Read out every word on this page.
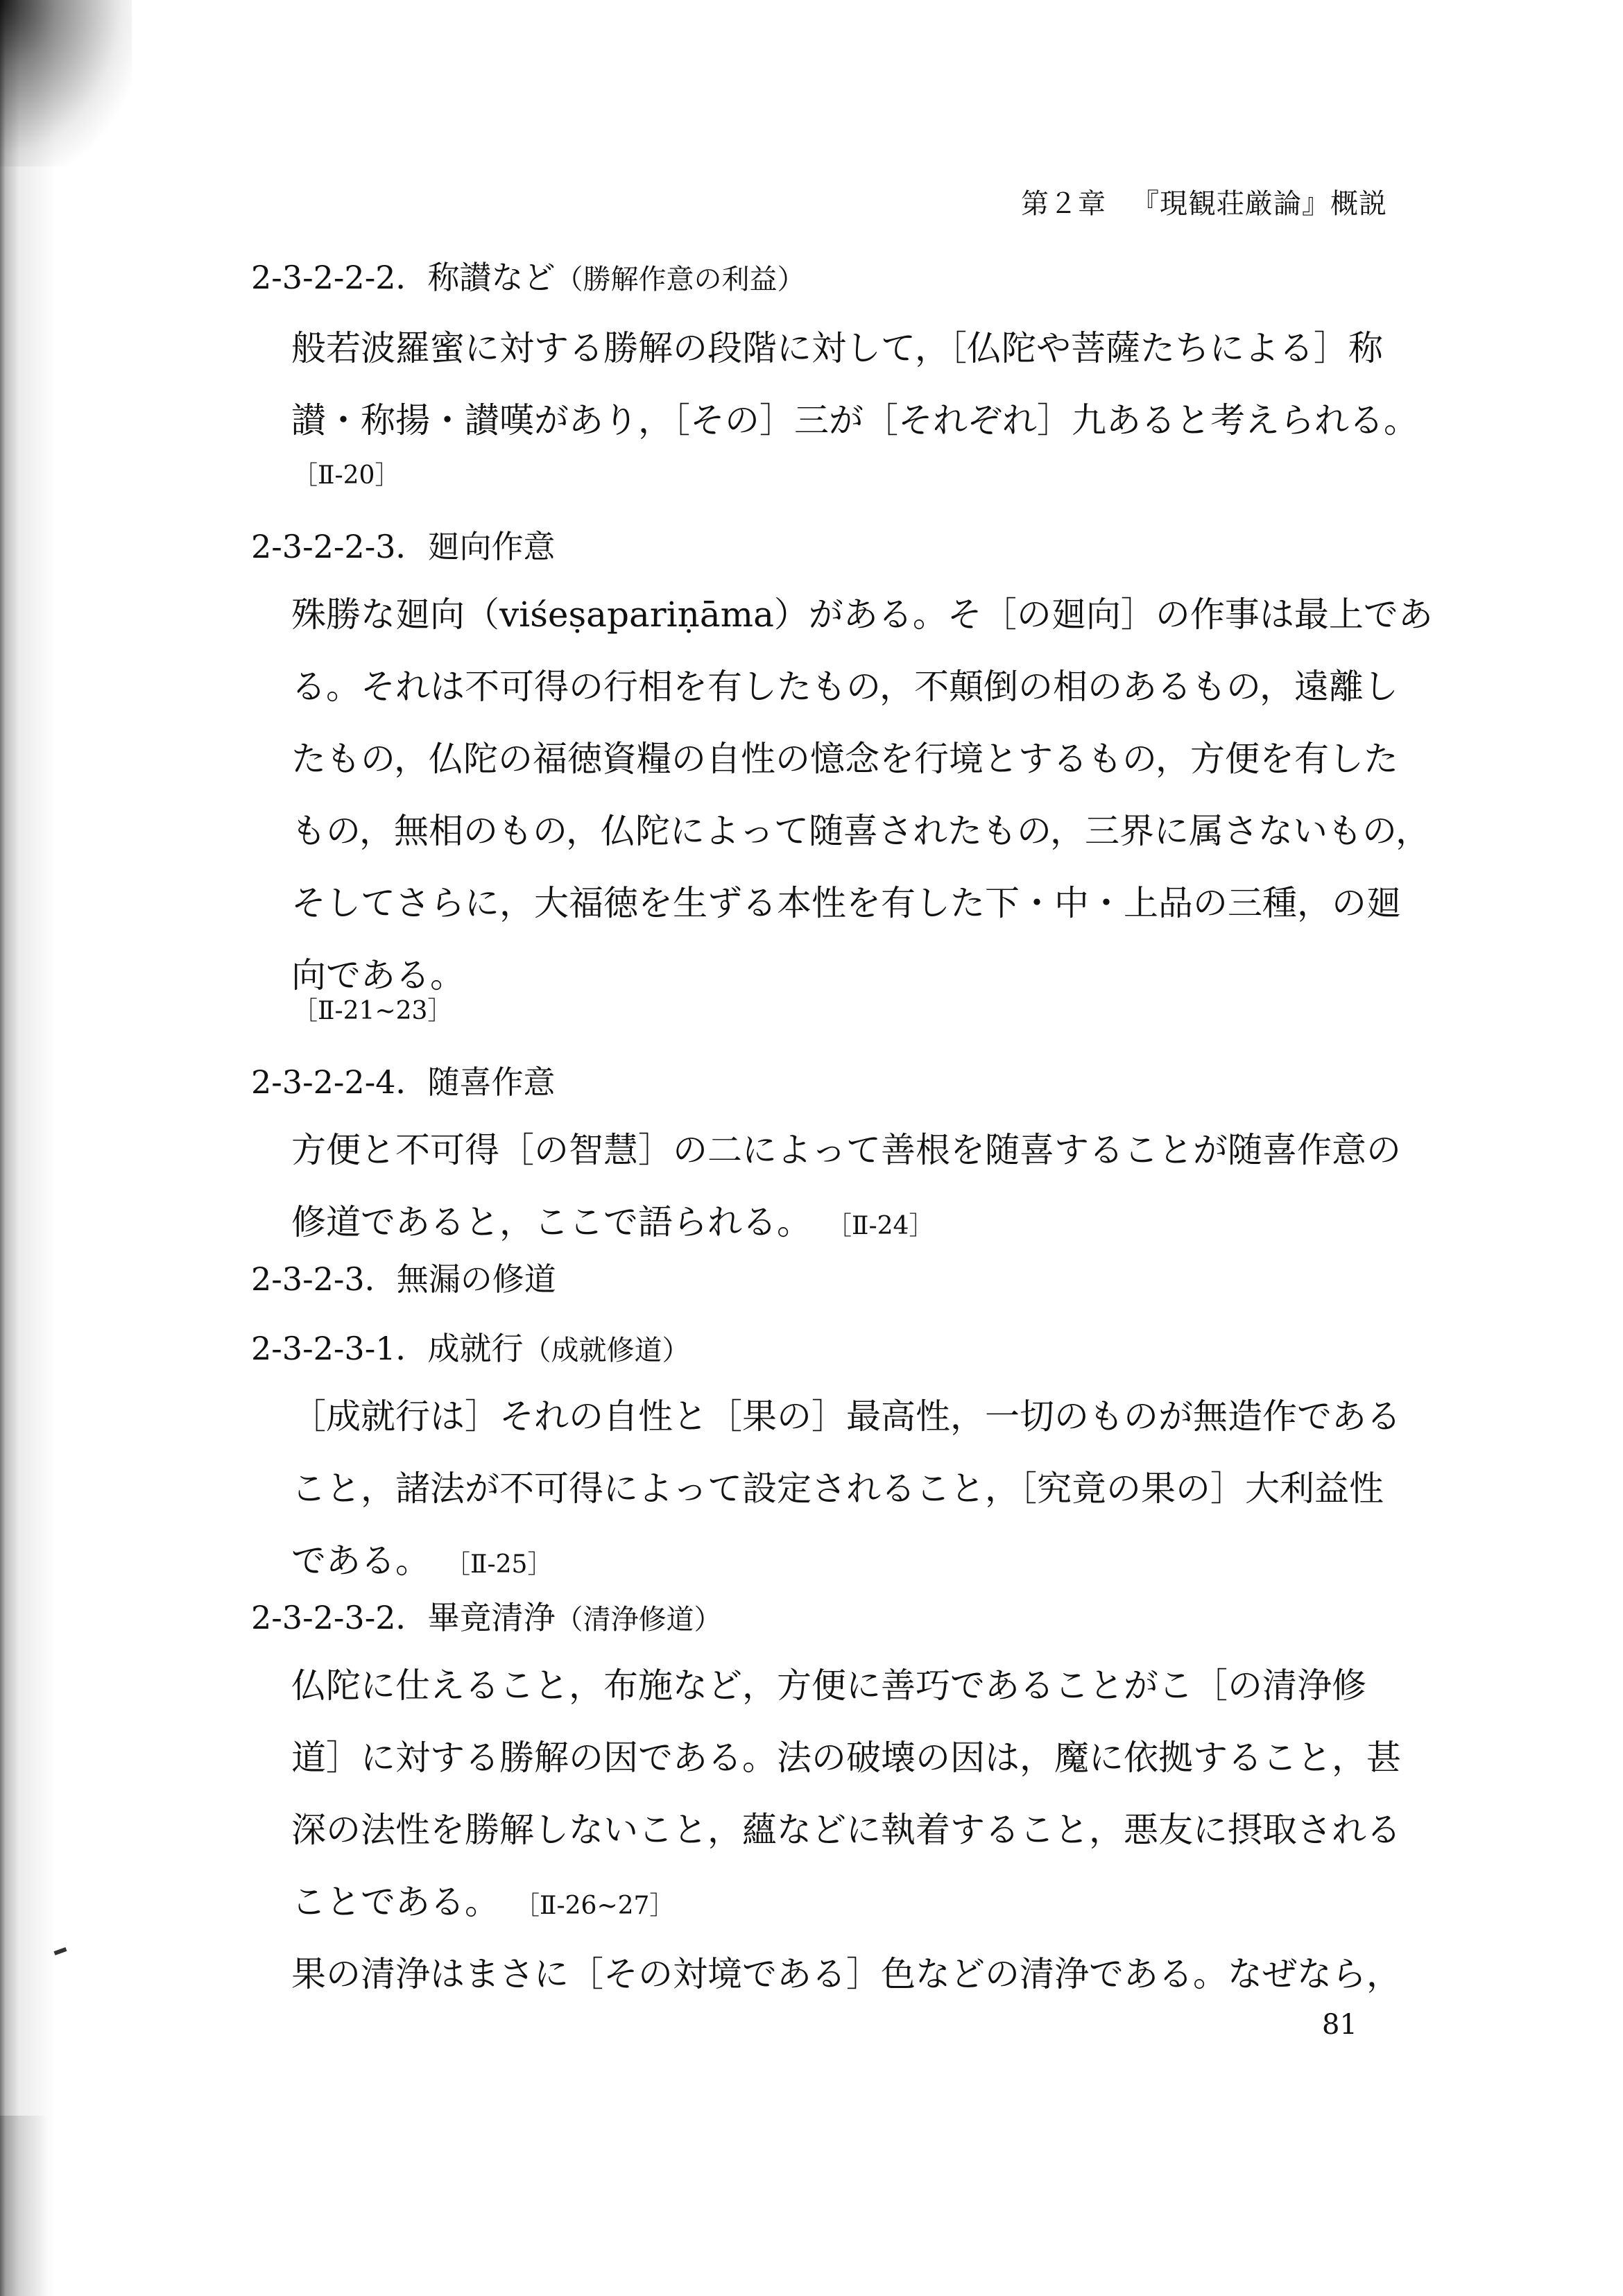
第２章 『現観荘厳論』概説
2-3-2-2-2．称讃など（勝解作意の利益）
般若波羅蜜に対する勝解の段階に対して，［仏陀や菩薩たちによる］称
讃・称揚・讃嘆があり，［その］三が［それぞれ］九あると考えられる。
［Ⅱ-20］
2-3-2-2-3．廻向作意
殊勝な廻向（viśeṣapariṇāma）がある。そ［の廻向］の作事は最上であ
る。それは不可得の行相を有したもの，不顛倒の相のあるもの，遠離し
たもの，仏陀の福徳資糧の自性の憶念を行境とするもの，方便を有した
もの，無相のもの，仏陀によって随喜されたもの，三界に属さないもの，
そしてさらに，大福徳を生ずる本性を有した下・中・上品の三種，の廻
向である。
［Ⅱ-21~23］
2-3-2-2-4．随喜作意
方便と不可得［の智慧］の二によって善根を随喜することが随喜作意の
修道であると，ここで語られる。 ［Ⅱ-24］
2-3-2-3．無漏の修道
2-3-2-3-1．成就行（成就修道）
［成就行は］それの自性と［果の］最高性，一切のものが無造作である
こと，諸法が不可得によって設定されること，［究竟の果の］大利益性
である。 ［Ⅱ-25］
2-3-2-3-2．畢竟清浄（清浄修道）
仏陀に仕えること，布施など，方便に善巧であることがこ［の清浄修
道］に対する勝解の因である。法の破壊の因は，魔に依拠すること，甚
深の法性を勝解しないこと，蘊などに執着すること，悪友に摂取される
ことである。 ［Ⅱ-26~27］
果の清浄はまさに［その対境である］色などの清浄である。なぜなら，
81
